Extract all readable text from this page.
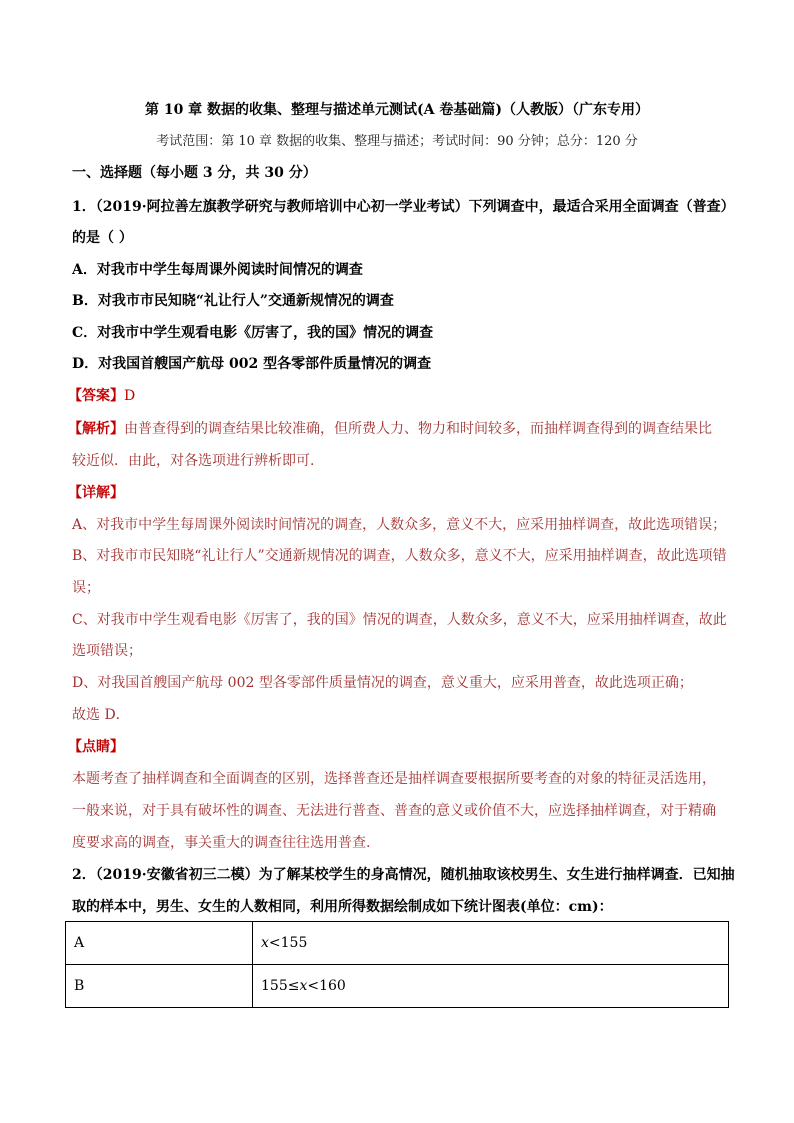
第 10 章 数据的收集、整理与描述单元测试(A 卷基础篇)（人教版）（广东专用）
考试范围：第 10 章 数据的收集、整理与描述；考试时间：90 分钟；总分：120 分
一、选择题（每小题 3 分，共 30 分）
1．（2019·阿拉善左旗教学研究与教师培训中心初一学业考试）下列调查中，最适合采用全面调查（普查）
的是（ ）
A．对我市中学生每周课外阅读时间情况的调查
B．对我市市民知晓“礼让行人”交通新规情况的调查
C．对我市中学生观看电影《厉害了，我的国》情况的调查
D．对我国首艘国产航母 002 型各零部件质量情况的调查
【答案】D
【解析】由普查得到的调查结果比较准确，但所费人力、物力和时间较多，而抽样调查得到的调查结果比
较近似．由此，对各选项进行辨析即可.
【详解】
A、对我市中学生每周课外阅读时间情况的调查，人数众多，意义不大，应采用抽样调查，故此选项错误；
B、对我市市民知晓“礼让行人”交通新规情况的调查，人数众多，意义不大，应采用抽样调查，故此选项错
误；
C、对我市中学生观看电影《厉害了，我的国》情况的调查，人数众多，意义不大，应采用抽样调查，故此
选项错误；
D、对我国首艘国产航母 002 型各零部件质量情况的调查，意义重大，应采用普查，故此选项正确；
故选 D．
【点睛】
本题考查了抽样调查和全面调查的区别，选择普查还是抽样调查要根据所要考查的对象的特征灵活选用，
一般来说，对于具有破坏性的调查、无法进行普查、普查的意义或价值不大，应选择抽样调查，对于精确
度要求高的调查，事关重大的调查往往选用普查.
2．（2019·安徽省初三二模）为了解某校学生的身高情况，随机抽取该校男生、女生进行抽样调查．已知抽
取的样本中，男生、女生的人数相同，利用所得数据绘制成如下统计图表(单位：cm)：
A	x<155
B	155≤x<160
